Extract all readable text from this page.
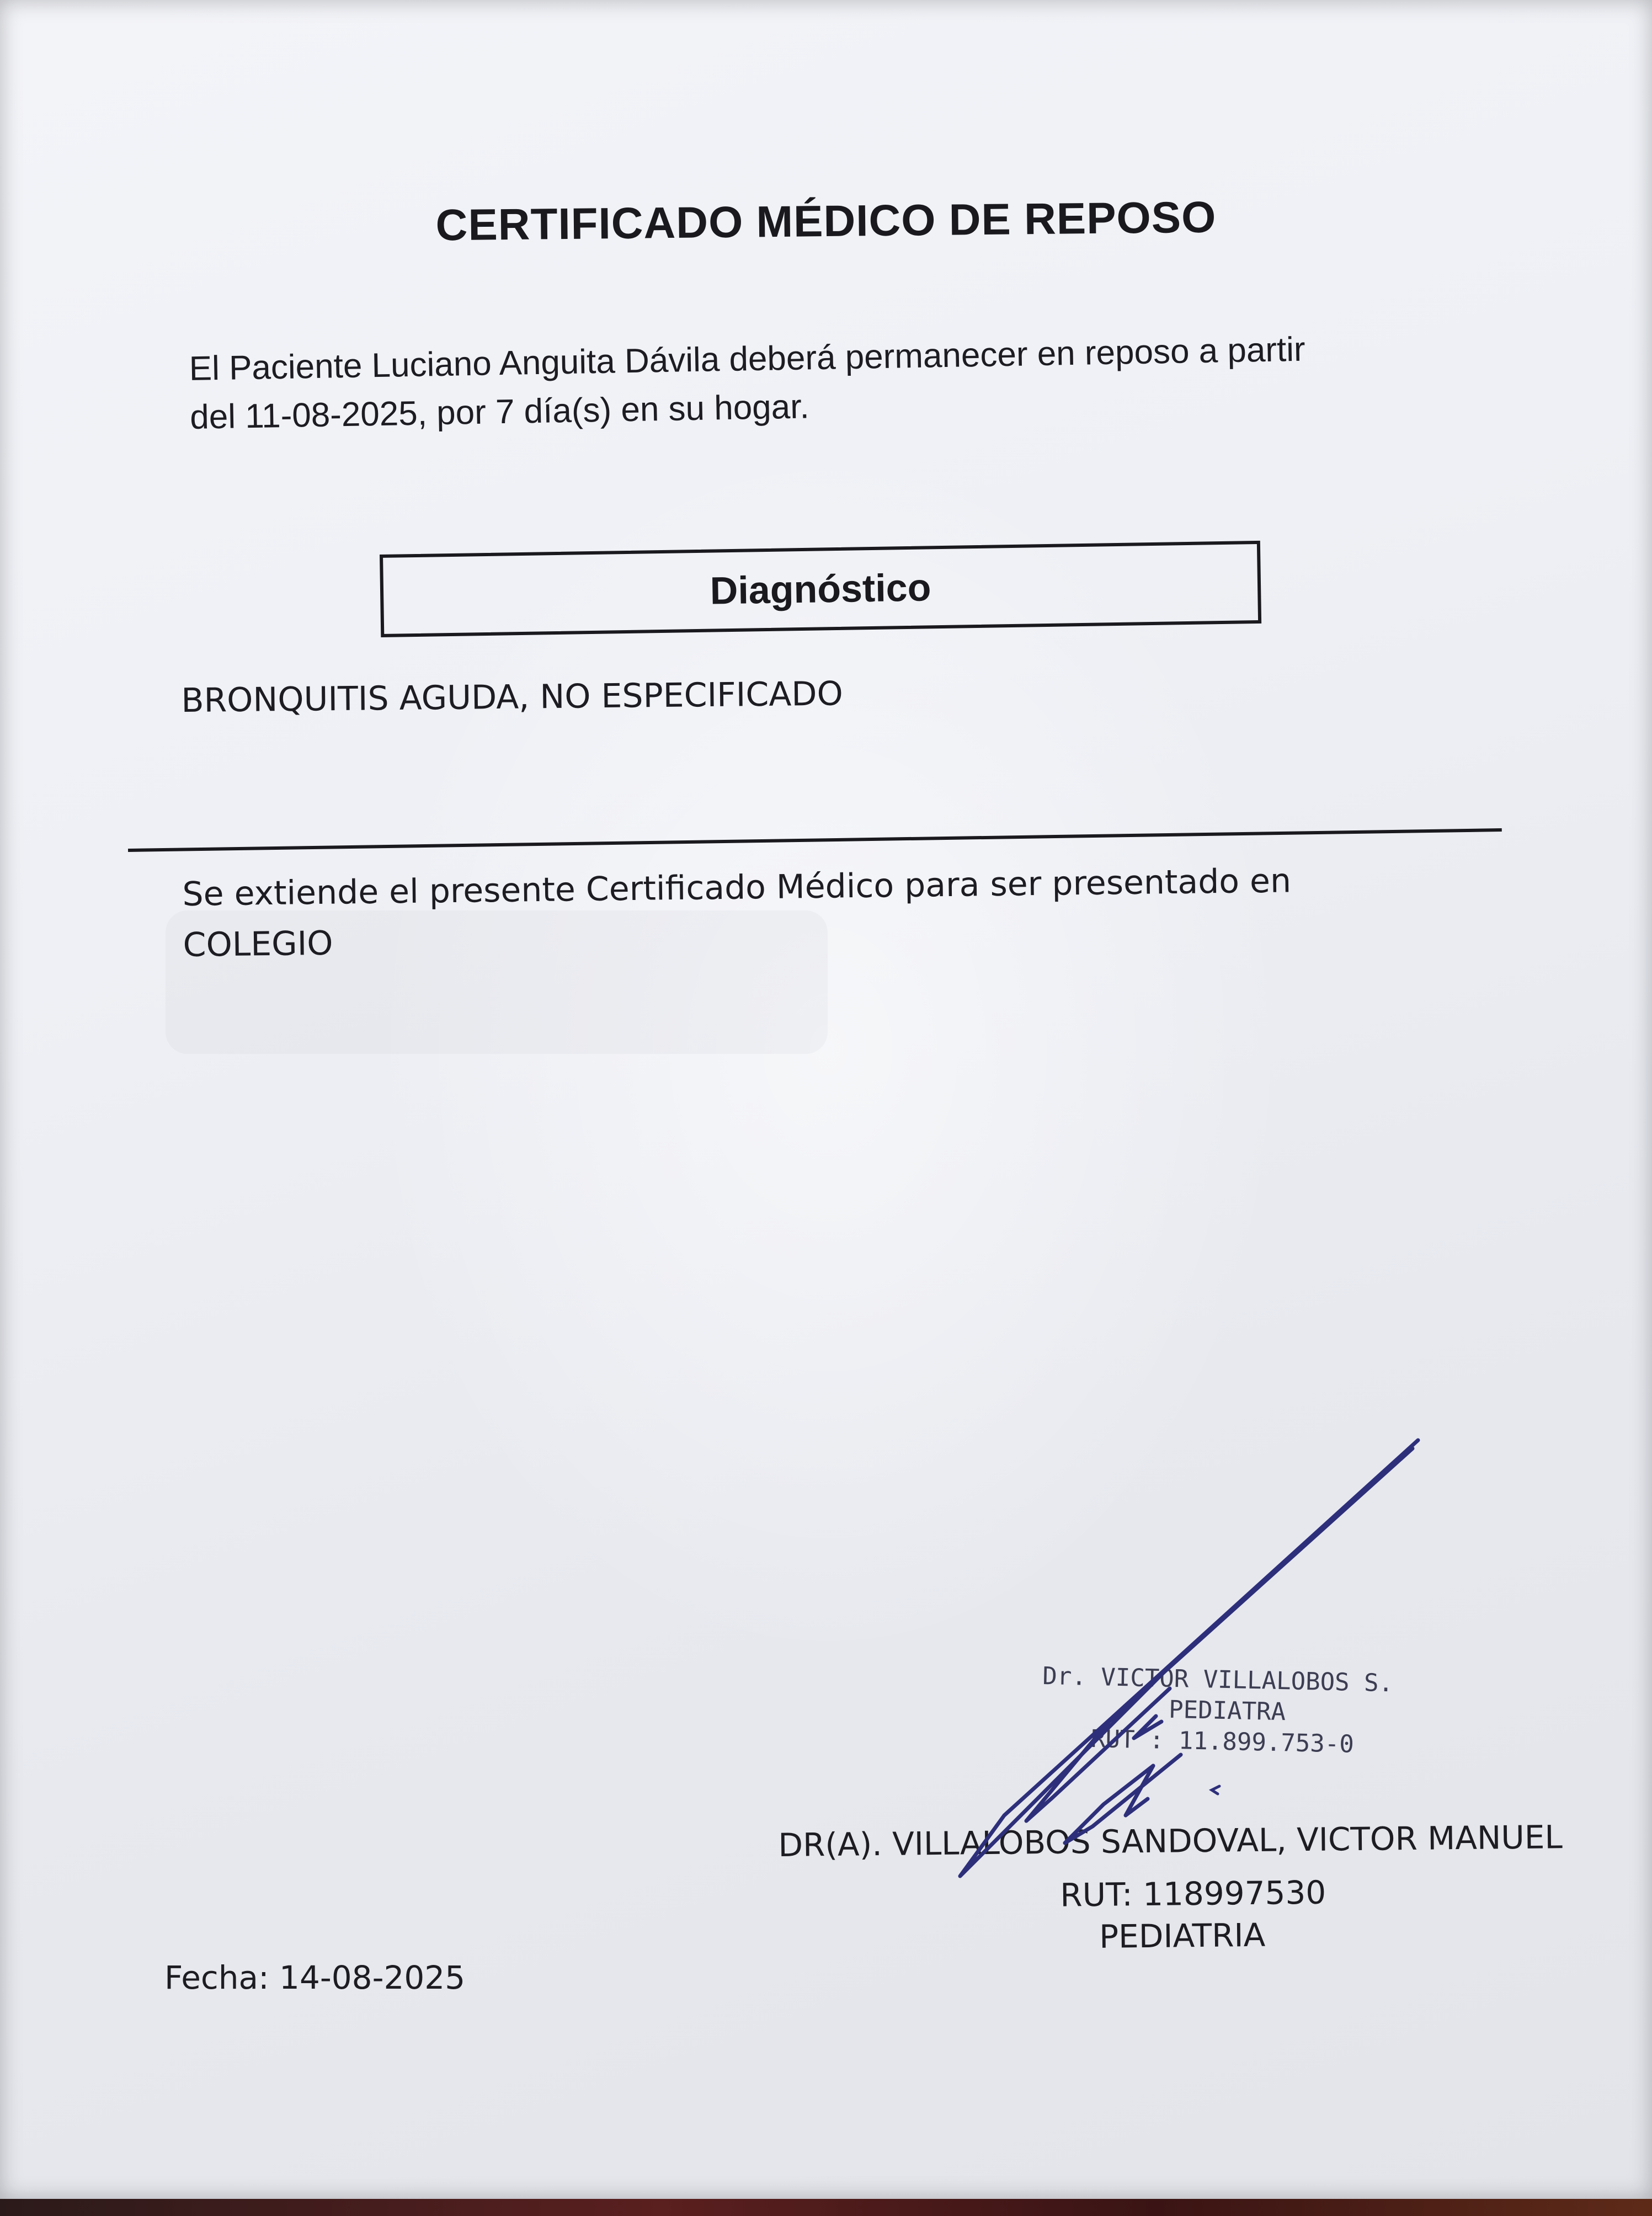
CERTIFICADO MÉDICO DE REPOSO
El Paciente Luciano Anguita Dávila deberá permanecer en reposo a partir
del 11-08-2025, por 7 día(s) en su hogar.
Diagnóstico
BRONQUITIS AGUDA, NO ESPECIFICADO
Se extiende el presente Certificado Médico para ser presentado en
COLEGIO
Dr. VICTOR VILLALOBOS S.
PEDIATRA
RUT : 11.899.753-0
DR(A). VILLALOBOS SANDOVAL, VICTOR MANUEL
RUT: 118997530
PEDIATRIA
Fecha: 14-08-2025
